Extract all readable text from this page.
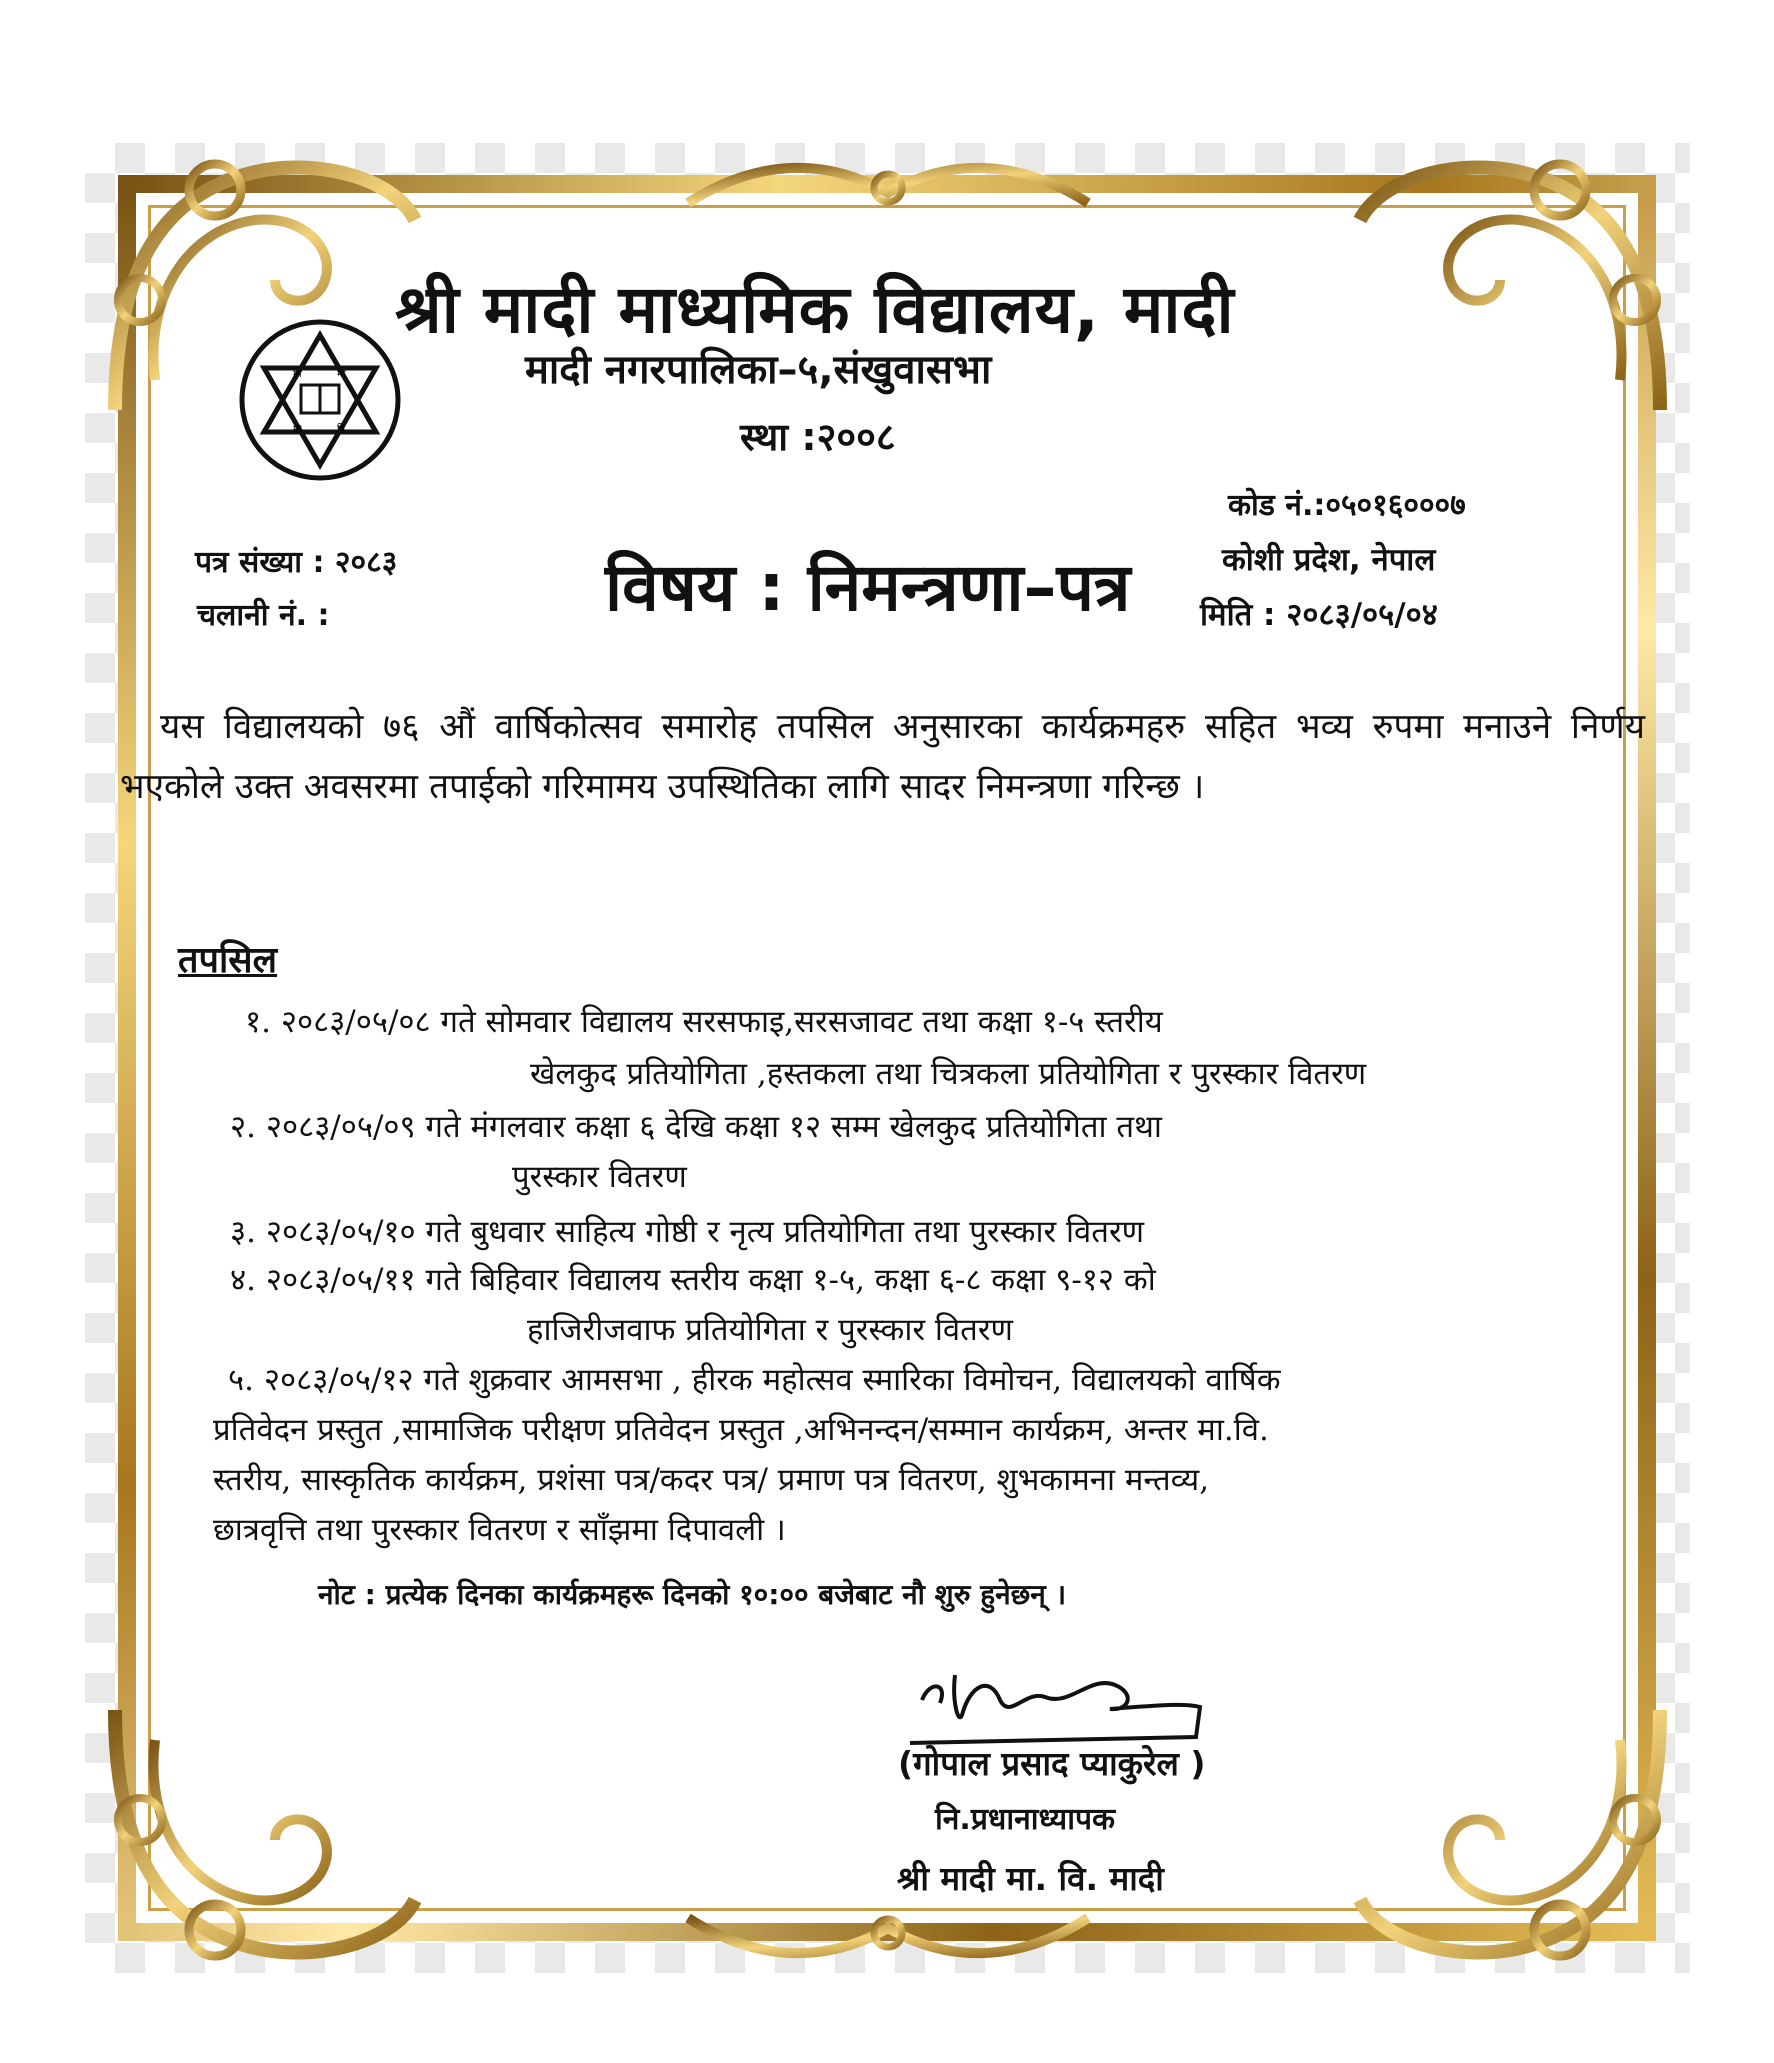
मा	मा
वि
मा
श्री मादी माध्यमिक विद्यालय, मादी
मादी नगरपालिका–५,संखुवासभा
स्था :२००८
कोड नं.:०५०१६०००७
कोशी प्रदेश, नेपाल
मिति : २०८३/०५/०४
पत्र संख्या : २०८३
चलानी नं. :	विषय : निमन्त्रणा–पत्र
यस विद्यालयको ७६ औं वार्षिकोत्सव समारोह तपसिल अनुसारका कार्यक्रमहरु सहित भव्य रुपमा मनाउने निर्णय भएकोले उक्त अवसरमा तपाईको गरिमामय उपस्थितिका लागि सादर निमन्त्रणा गरिन्छ ।
तपसिल
१. २०८३/०५/०८ गते सोमवार विद्यालय सरसफाइ,सरसजावट तथा कक्षा १-५ स्तरीय
खेलकुद प्रतियोगिता ,हस्तकला तथा चित्रकला प्रतियोगिता र पुरस्कार वितरण
२. २०८३/०५/०९ गते मंगलवार कक्षा ६ देखि कक्षा १२ सम्म खेलकुद प्रतियोगिता तथा
पुरस्कार वितरण
३. २०८३/०५/१० गते बुधवार साहित्य गोष्ठी र नृत्य प्रतियोगिता तथा पुरस्कार वितरण
४. २०८३/०५/११ गते बिहिवार विद्यालय स्तरीय कक्षा १-५, कक्षा ६-८ कक्षा ९-१२ को
हाजिरीजवाफ प्रतियोगिता र पुरस्कार वितरण
५. २०८३/०५/१२ गते शुक्रवार आमसभा , हीरक महोत्सव स्मारिका विमोचन, विद्यालयको वार्षिक
प्रतिवेदन प्रस्तुत ,सामाजिक परीक्षण प्रतिवेदन प्रस्तुत ,अभिनन्दन/सम्मान कार्यक्रम, अन्तर मा.वि.
स्तरीय, सास्कृतिक कार्यक्रम, प्रशंसा पत्र/कदर पत्र/ प्रमाण पत्र वितरण, शुभकामना मन्तव्य,
छात्रवृत्ति तथा पुरस्कार वितरण र साँझमा दिपावली ।
नोट : प्रत्येक दिनका कार्यक्रमहरू दिनको १०:०० बजेबाट नौ शुरु हुनेछन् ।
(गोपाल प्रसाद प्याकुरेल )
नि.प्रधानाध्यापक
श्री मादी मा. वि. मादी
